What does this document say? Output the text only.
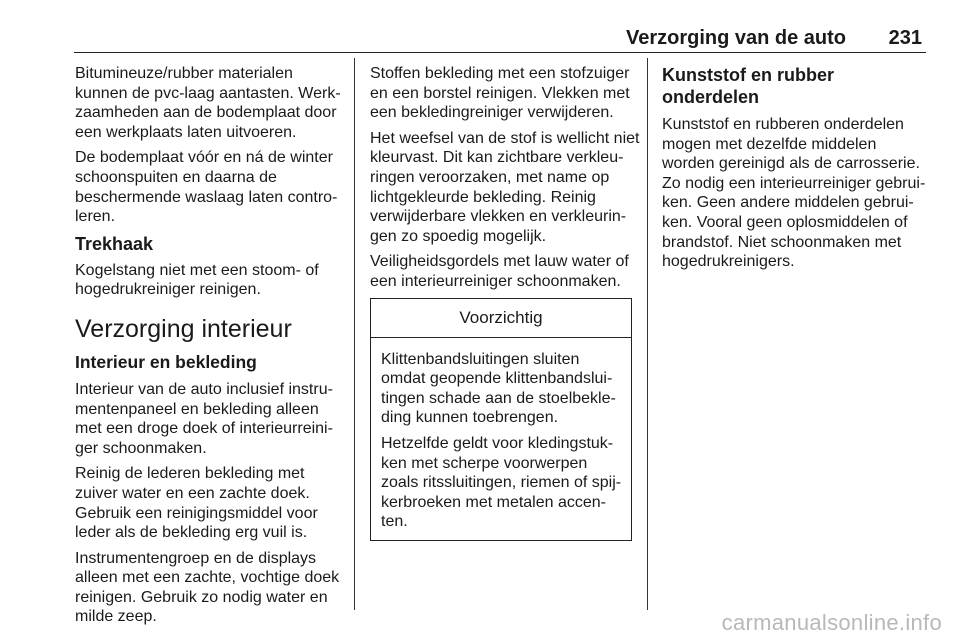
Verzorging van de auto 231

Bitumineuze/rubber materialen
kunnen de pvc-laag aantasten. Werk-
zaamheden aan de bodemplaat door
een werkplaats laten uitvoeren.

De bodemplaat vóór en ná de winter
schoonspuiten en daarna de
beschermende waslaag laten contro-
leren.

Trekhaak

Kogelstang niet met een stoom- of
hogedrukreiniger reinigen.

Verzorging interieur
Interieur en bekleding

Interieur van de auto inclusief instru-
mentenpaneel en bekleding alleen
met een droge doek of interieurreini-
ger schoonmaken.

Reinig de lederen bekleding met
zuiver water en een zachte doek.
Gebruik een reinigingsmiddel voor
leder als de bekleding erg vuil is.

Instrumentengroep en de displays
alleen met een zachte, vochtige doek
reinigen. Gebruik zo nodig water en
milde zeep.

Stoffen bekleding met een stofzuiger
en een borstel reinigen. Vlekken met
een bekledingreiniger verwijderen.

Het weefsel van de stof is wellicht niet
kleurvast. Dit kan zichtbare verkleu-
ringen veroorzaken, met name op
lichtgekleurde bekleding. Reinig
verwijderbare vlekken en verkleurin-
gen zo spoedig mogelijk.

Veiligheidsgordels met lauw water of
een interieurreiniger schoonmaken.

Voorzichtig

Klittenbandsluitingen sluiten
omdat geopende klittenbandslui-
tingen schade aan de stoelbekle-
ding kunnen toebrengen.

Hetzelfde geldt voor kledingstuk-
ken met scherpe voorwerpen
zoals ritssluitingen, riemen of spij-
kerbroeken met metalen accen-
ten.

Kunststof en rubber onderdelen

Kunststof en rubberen onderdelen
mogen met dezelfde middelen
worden gereinigd als de carrosserie.
Zo nodig een interieurreiniger gebrui-
ken. Geen andere middelen gebrui-
ken. Vooral geen oplosmiddelen of
brandstof. Niet schoonmaken met
hogedrukreinigers.

carmanualsonline.info
